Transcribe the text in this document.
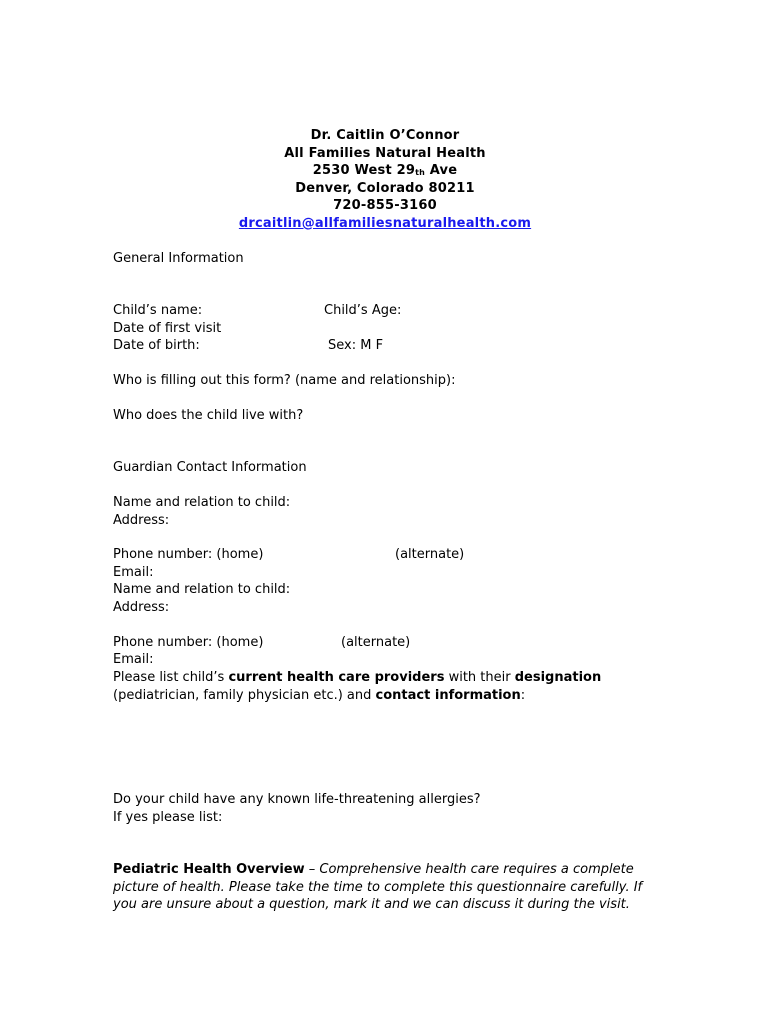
Dr. Caitlin O’Connor
All Families Natural Health
2530 West 29th Ave
Denver, Colorado 80211
720-855-3160
drcaitlin@allfamiliesnaturalhealth.com
General Information
Child’s name:	Child’s Age:
Date of first visit
Date of birth:	Sex: M F
Who is filling out this form? (name and relationship):
Who does the child live with?
Guardian Contact Information
Name and relation to child:
Address:
Phone number: (home)	(alternate)
Email:
Name and relation to child:
Address:
Phone number: (home)	(alternate)
Email:
Please list child’s current health care providers with their designation (pediatrician, family physician etc.) and contact information:
Do your child have any known life-threatening allergies?
If yes please list:
Pediatric Health Overview – Comprehensive health care requires a complete picture of health. Please take the time to complete this questionnaire carefully. If you are unsure about a question, mark it and we can discuss it during the visit.
